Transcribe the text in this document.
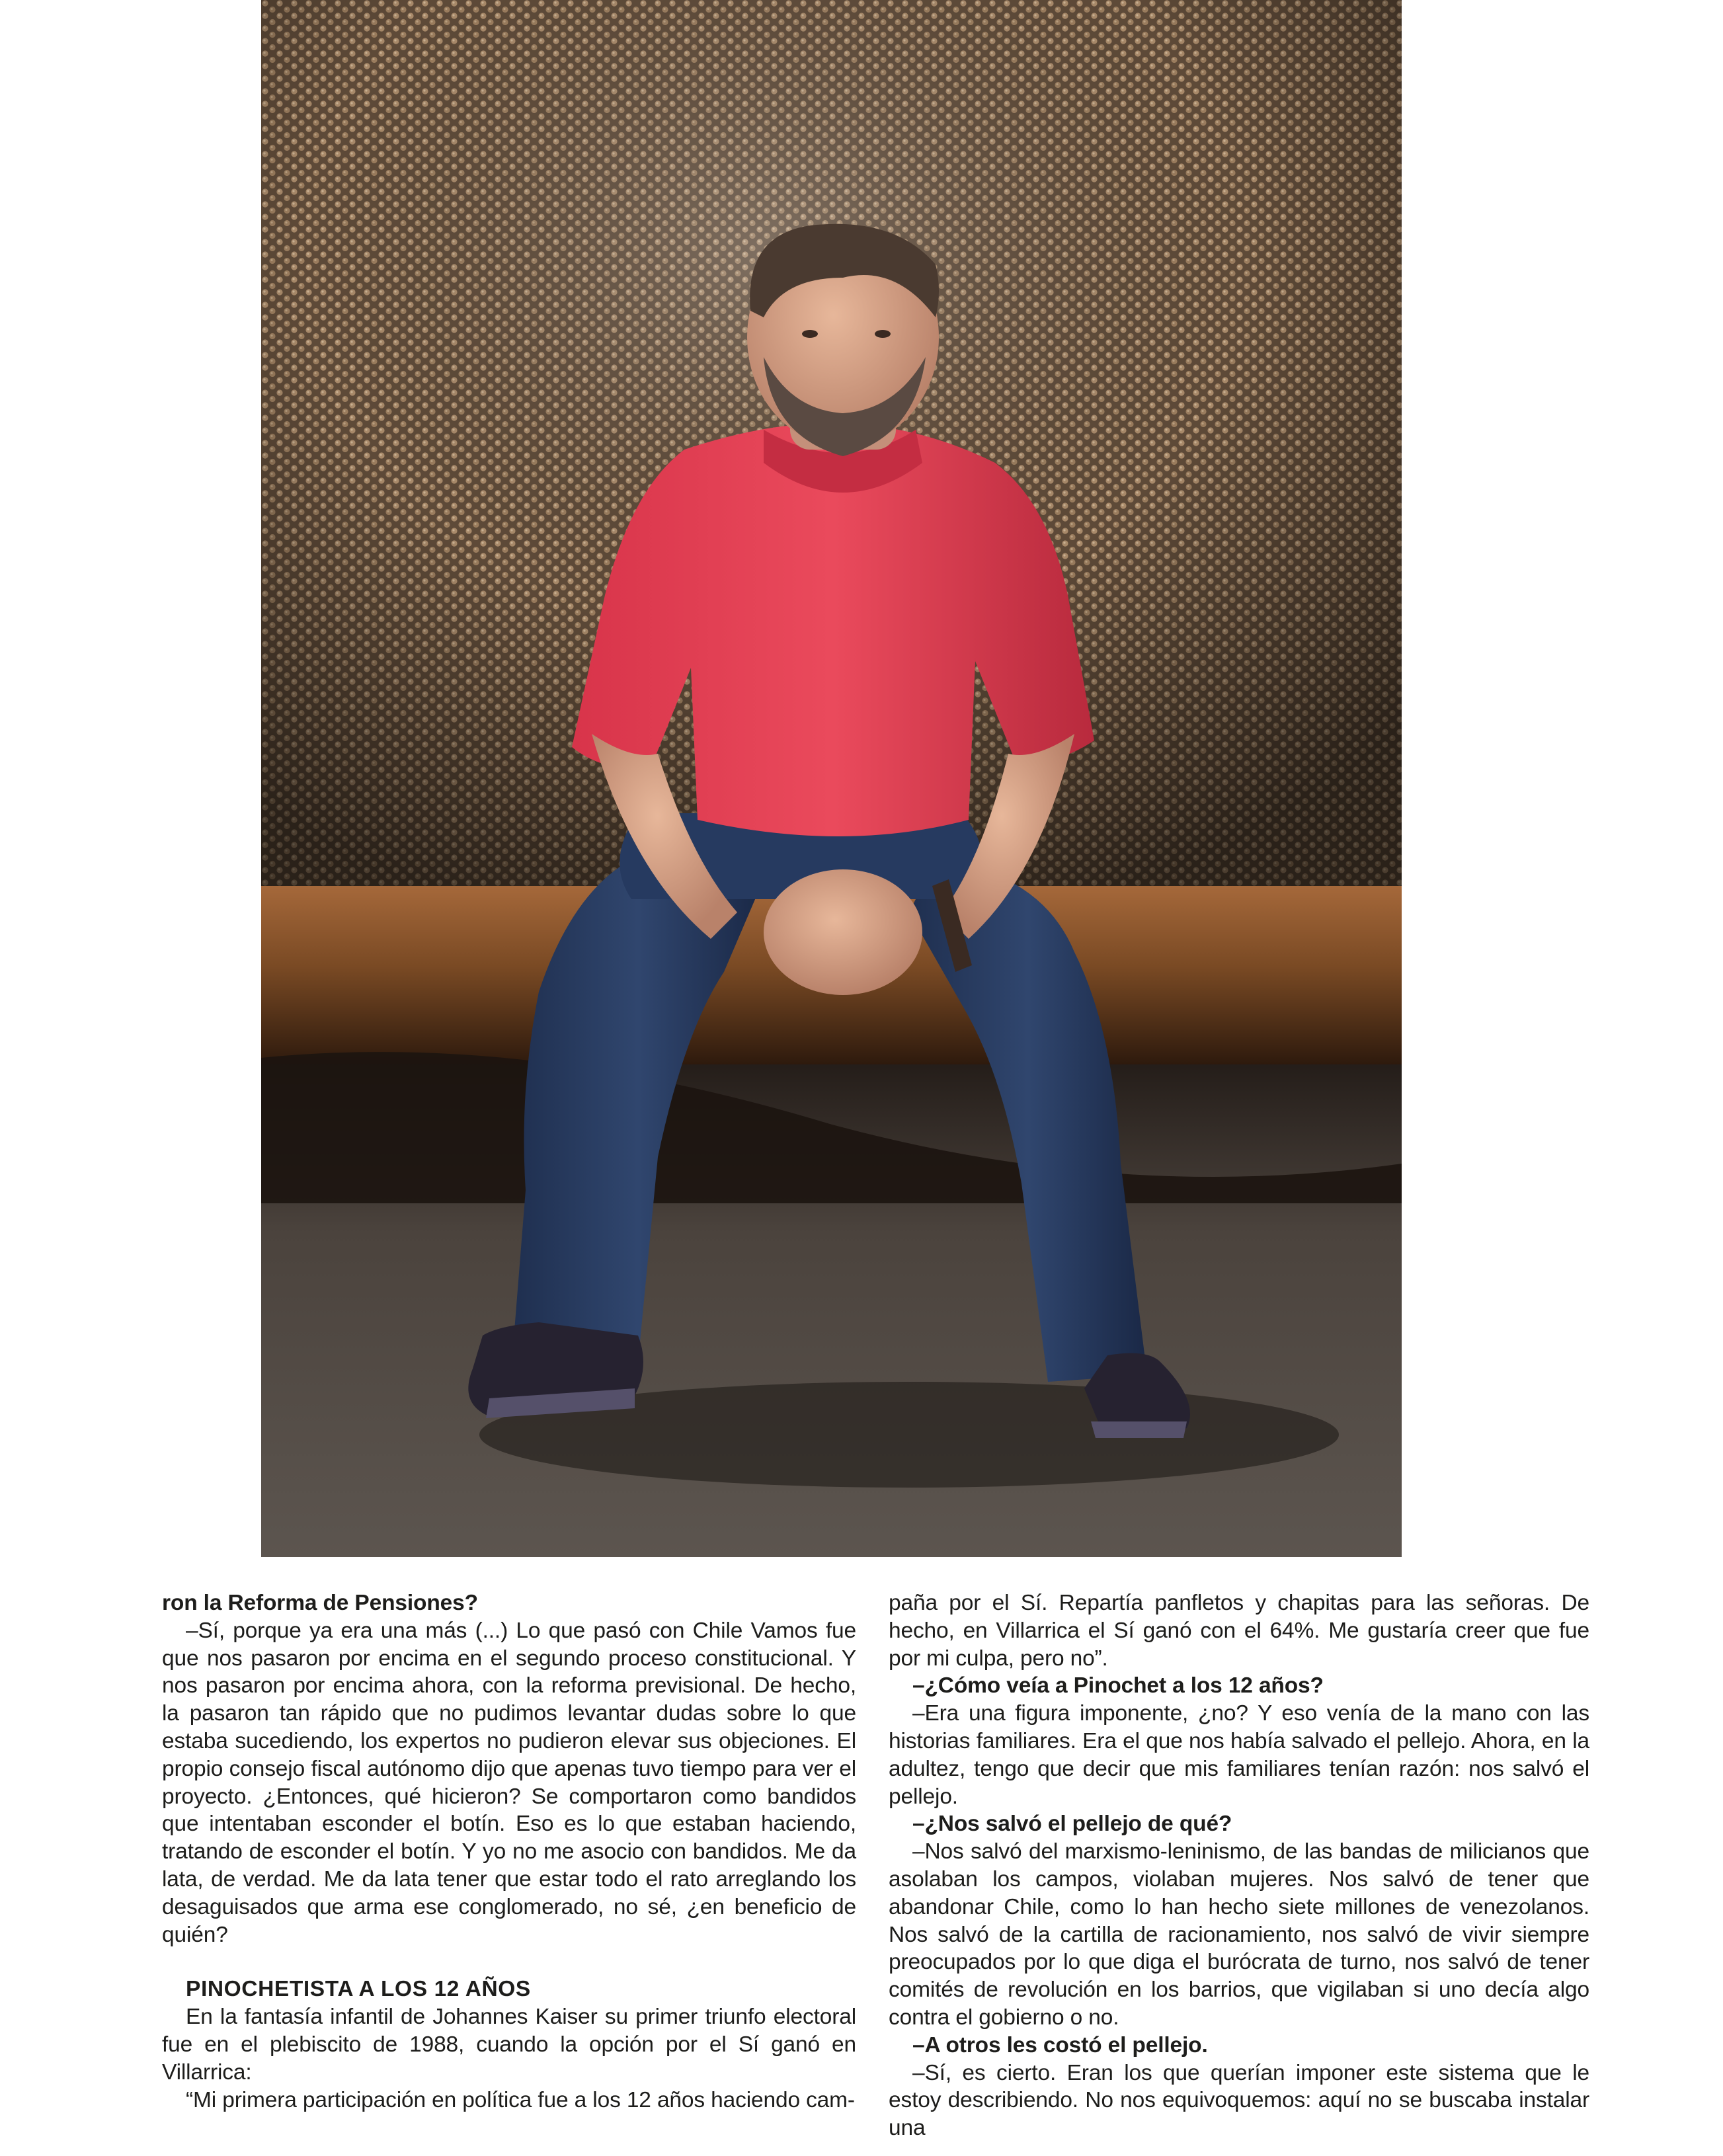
ron la Reforma de Pensiones?

–Sí, porque ya era una más (...) Lo que pasó con Chile Vamos fue que nos pasaron por encima en el segundo proceso constitucional. Y nos pasaron por encima ahora, con la reforma previsional. De hecho, la pasaron tan rápido que no pudimos levantar dudas sobre lo que estaba sucediendo, los expertos no pudieron elevar sus objeciones. El propio consejo fiscal autónomo dijo que apenas tuvo tiempo para ver el proyecto. ¿Entonces, qué hicieron? Se comportaron como bandidos que intentaban esconder el botín. Eso es lo que estaban haciendo, tratando de esconder el botín. Y yo no me asocio con bandidos. Me da lata, de verdad. Me da lata tener que estar todo el rato arreglando los desaguisados que arma ese conglomerado, no sé, ¿en beneficio de quién?

PINOCHETISTA A LOS 12 AÑOS

En la fantasía infantil de Johannes Kaiser su primer triunfo electoral fue en el plebiscito de 1988, cuando la opción por el Sí ganó en Villarrica:

“Mi primera participación en política fue a los 12 años haciendo cam-

paña por el Sí. Repartía panfletos y chapitas para las señoras. De hecho, en Villarrica el Sí ganó con el 64%. Me gustaría creer que fue por mi culpa, pero no”.

–¿Cómo veía a Pinochet a los 12 años?

–Era una figura imponente, ¿no? Y eso venía de la mano con las historias familiares. Era el que nos había salvado el pellejo. Ahora, en la adultez, tengo que decir que mis familiares tenían razón: nos salvó el pellejo.

–¿Nos salvó el pellejo de qué?

–Nos salvó del marxismo-leninismo, de las bandas de milicianos que asolaban los campos, violaban mujeres. Nos salvó de tener que abandonar Chile, como lo han hecho siete millones de venezolanos. Nos salvó de la cartilla de racionamiento, nos salvó de vivir siempre preocupados por lo que diga el burócrata de turno, nos salvó de tener comités de revolución en los barrios, que vigilaban si uno decía algo contra el gobierno o no.

–A otros les costó el pellejo.

–Sí, es cierto. Eran los que querían imponer este sistema que le estoy describiendo. No nos equivoquemos: aquí no se buscaba instalar una
